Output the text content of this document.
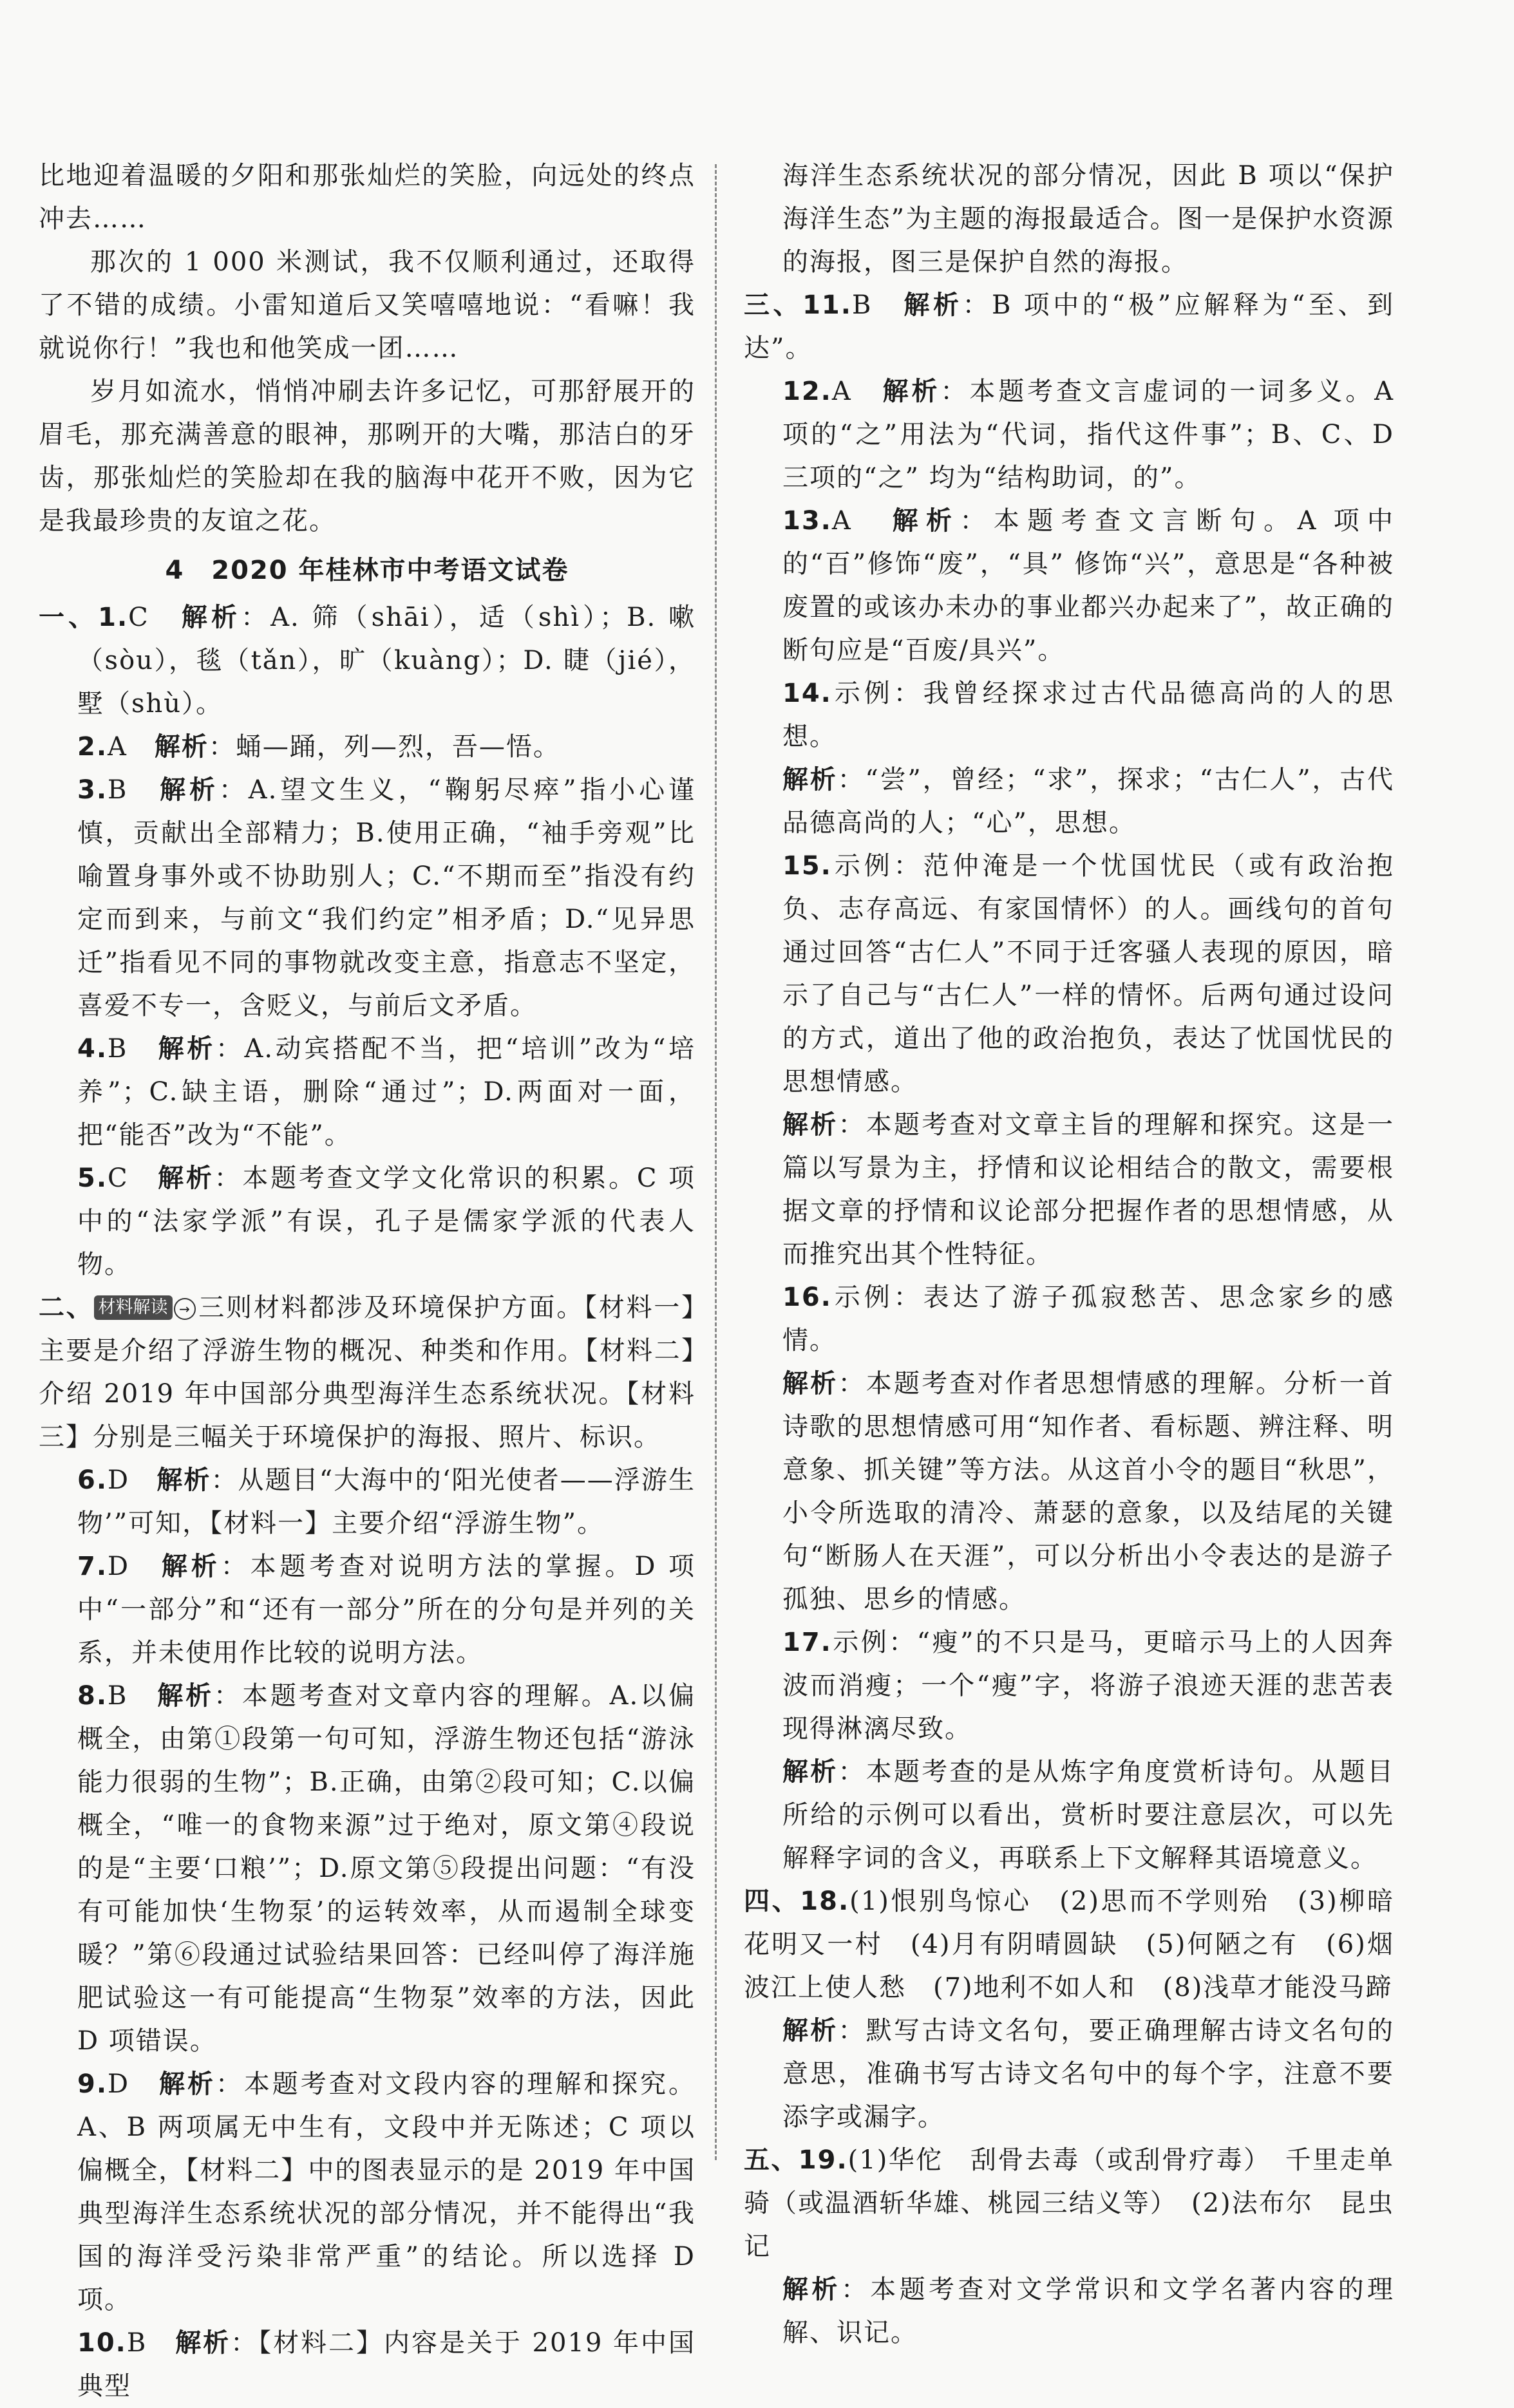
比地迎着温暖的夕阳和那张灿烂的笑脸，向远处的终点冲去……

那次的 1 000 米测试，我不仅顺利通过，还取得了不错的成绩。小雷知道后又笑嘻嘻地说：“看嘛！我就说你行！”我也和他笑成一团……

岁月如流水，悄悄冲刷去许多记忆，可那舒展开的眉毛，那充满善意的眼神，那咧开的大嘴，那洁白的牙齿，那张灿烂的笑脸却在我的脑海中花开不败，因为它是我最珍贵的友谊之花。

4　2020 年桂林市中考语文试卷

一、1.C　解析：A. 筛（shāi），适（shì）；B. 嗽（sòu），毯（tǎn），旷（kuàng）；D. 睫（jié），墅（shù）。

2.A　解析：蛹—踊，列—烈，吾—悟。

3.B　解析：A.望文生义，“鞠躬尽瘁”指小心谨慎，贡献出全部精力；B.使用正确，“袖手旁观”比喻置身事外或不协助别人；C.“不期而至”指没有约定而到来，与前文“我们约定”相矛盾；D.“见异思迁”指看见不同的事物就改变主意，指意志不坚定，喜爱不专一，含贬义，与前后文矛盾。

4.B　解析：A.动宾搭配不当，把“培训”改为“培养”；C.缺主语，删除“通过”；D.两面对一面，把“能否”改为“不能”。

5.C　解析：本题考查文学文化常识的积累。C 项中的“法家学派”有误，孔子是儒家学派的代表人物。

二、 材料解读 → 三则材料都涉及环境保护方面。【材料一】主要是介绍了浮游生物的概况、种类和作用。【材料二】介绍 2019 年中国部分典型海洋生态系统状况。【材料三】分别是三幅关于环境保护的海报、照片、标识。

6.D　解析：从题目“大海中的‘阳光使者——浮游生物’”可知，【材料一】主要介绍“浮游生物”。

7.D　解析：本题考查对说明方法的掌握。D 项中“一部分”和“还有一部分”所在的分句是并列的关系，并未使用作比较的说明方法。

8.B　解析：本题考查对文章内容的理解。A.以偏概全，由第①段第一句可知，浮游生物还包括“游泳能力很弱的生物”；B.正确，由第②段可知；C.以偏概全，“唯一的食物来源”过于绝对，原文第④段说的是“主要‘口粮’”；D.原文第⑤段提出问题：“有没有可能加快‘生物泵’的运转效率，从而遏制全球变暖？”第⑥段通过试验结果回答：已经叫停了海洋施肥试验这一有可能提高“生物泵”效率的方法，因此 D 项错误。

9.D　解析：本题考查对文段内容的理解和探究。A、B 两项属无中生有，文段中并无陈述；C 项以偏概全，【材料二】中的图表显示的是 2019 年中国典型海洋生态系统状况的部分情况，并不能得出“我国的海洋受污染非常严重”的结论。所以选择 D 项。

10.B　解析：【材料二】内容是关于 2019 年中国典型

海洋生态系统状况的部分情况，因此 B 项以“保护海洋生态”为主题的海报最适合。图一是保护水资源的海报，图三是保护自然的海报。

三、11.B　解析：B 项中的“极”应解释为“至、到达”。

12.A　解析：本题考查文言虚词的一词多义。A 项的“之”用法为“代词，指代这件事”；B、C、D 三项的“之” 均为“结构助词，的”。

13.A　解析：本题考查文言断句。A 项中的“百”修饰“废”，“具” 修饰“兴”，意思是“各种被废置的或该办未办的事业都兴办起来了”，故正确的断句应是“百废/具兴”。

14.示例：我曾经探求过古代品德高尚的人的思想。

解析：“尝”，曾经；“求”，探求；“古仁人”，古代品德高尚的人；“心”，思想。

15.示例：范仲淹是一个忧国忧民（或有政治抱负、志存高远、有家国情怀）的人。画线句的首句通过回答“古仁人”不同于迁客骚人表现的原因，暗示了自己与“古仁人”一样的情怀。后两句通过设问的方式，道出了他的政治抱负，表达了忧国忧民的思想情感。

解析：本题考查对文章主旨的理解和探究。这是一篇以写景为主，抒情和议论相结合的散文，需要根据文章的抒情和议论部分把握作者的思想情感，从而推究出其个性特征。

16.示例：表达了游子孤寂愁苦、思念家乡的感情。

解析：本题考查对作者思想情感的理解。分析一首诗歌的思想情感可用“知作者、看标题、辨注释、明意象、抓关键”等方法。从这首小令的题目“秋思”，小令所选取的清冷、萧瑟的意象，以及结尾的关键句“断肠人在天涯”，可以分析出小令表达的是游子孤独、思乡的情感。

17.示例：“瘦”的不只是马，更暗示马上的人因奔波而消瘦；一个“瘦”字，将游子浪迹天涯的悲苦表现得淋漓尽致。

解析：本题考查的是从炼字角度赏析诗句。从题目所给的示例可以看出，赏析时要注意层次，可以先解释字词的含义，再联系上下文解释其语境意义。

四、18.(1)恨别鸟惊心　(2)思而不学则殆　(3)柳暗花明又一村　(4)月有阴晴圆缺　(5)何陋之有　(6)烟波江上使人愁　(7)地利不如人和　(8)浅草才能没马蹄

解析：默写古诗文名句，要正确理解古诗文名句的意思，准确书写古诗文名句中的每个字，注意不要添字或漏字。

五、19.(1)华佗　刮骨去毒（或刮骨疗毒）　千里走单骑（或温酒斩华雄、桃园三结义等）　(2)法布尔　昆虫记

解析：本题考查对文学常识和文学名著内容的理解、识记。
